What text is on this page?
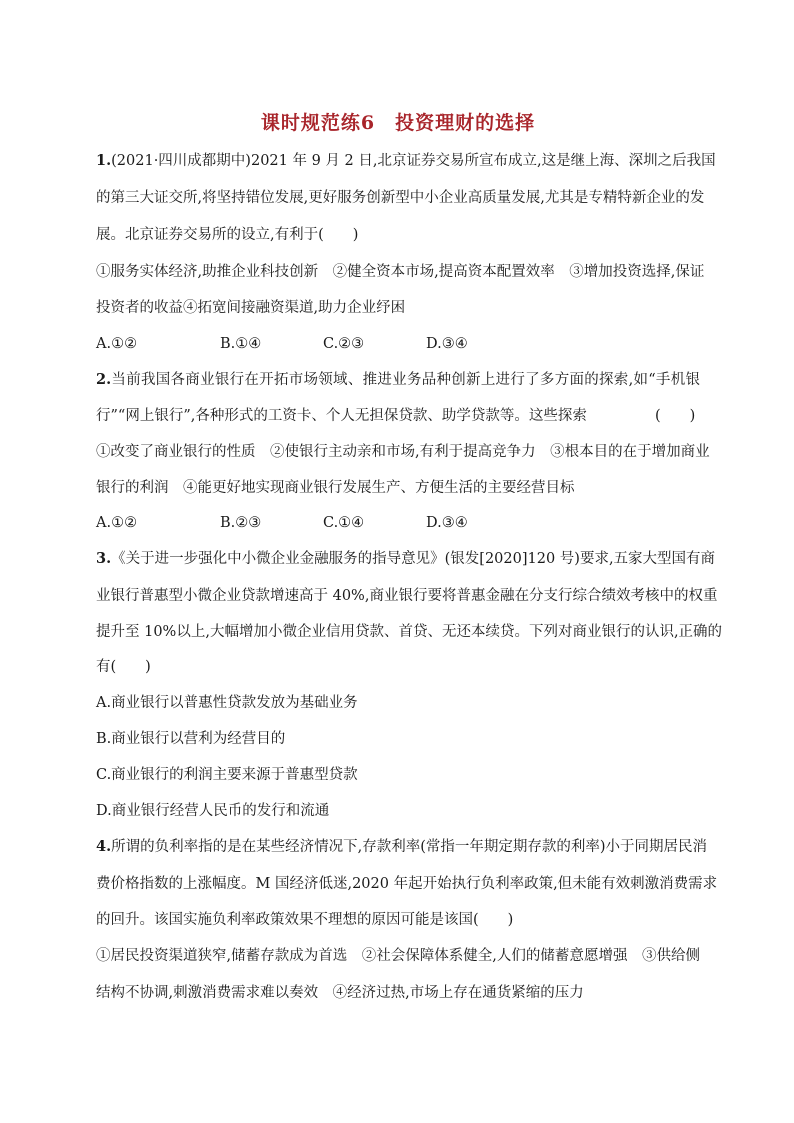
课时规范练6　投资理财的选择
1.(2021·四川成都期中)2021 年 9 月 2 日,北京证券交易所宣布成立,这是继上海、深圳之后我国
的第三大证交所,将坚持错位发展,更好服务创新型中小企业高质量发展,尤其是专精特新企业的发
展。北京证券交易所的设立,有利于(　　)
①服务实体经济,助推企业科技创新　②健全资本市场,提高资本配置效率　③增加投资选择,保证
投资者的收益④拓宽间接融资渠道,助力企业纾困
A.①②	B.①④	C.②③	D.③④
2.当前我国各商业银行在开拓市场领域、推进业务品种创新上进行了多方面的探索,如“手机银
行”“网上银行”,各种形式的工资卡、个人无担保贷款、助学贷款等。这些探索	(　　)
①改变了商业银行的性质　②使银行主动亲和市场,有利于提高竞争力　③根本目的在于增加商业
银行的利润　④能更好地实现商业银行发展生产、方便生活的主要经营目标
A.①②	B.②③	C.①④	D.③④
3.《关于进一步强化中小微企业金融服务的指导意见》(银发[2020]120 号)要求,五家大型国有商
业银行普惠型小微企业贷款增速高于 40%,商业银行要将普惠金融在分支行综合绩效考核中的权重
提升至 10%以上,大幅增加小微企业信用贷款、首贷、无还本续贷。下列对商业银行的认识,正确的
有(　　)
A.商业银行以普惠性贷款发放为基础业务
B.商业银行以营利为经营目的
C.商业银行的利润主要来源于普惠型贷款
D.商业银行经营人民币的发行和流通
4.所谓的负利率指的是在某些经济情况下,存款利率(常指一年期定期存款的利率)小于同期居民消
费价格指数的上涨幅度。M 国经济低迷,2020 年起开始执行负利率政策,但未能有效刺激消费需求
的回升。该国实施负利率政策效果不理想的原因可能是该国(　　)
①居民投资渠道狭窄,储蓄存款成为首选　②社会保障体系健全,人们的储蓄意愿增强　③供给侧
结构不协调,刺激消费需求难以奏效　④经济过热,市场上存在通货紧缩的压力
